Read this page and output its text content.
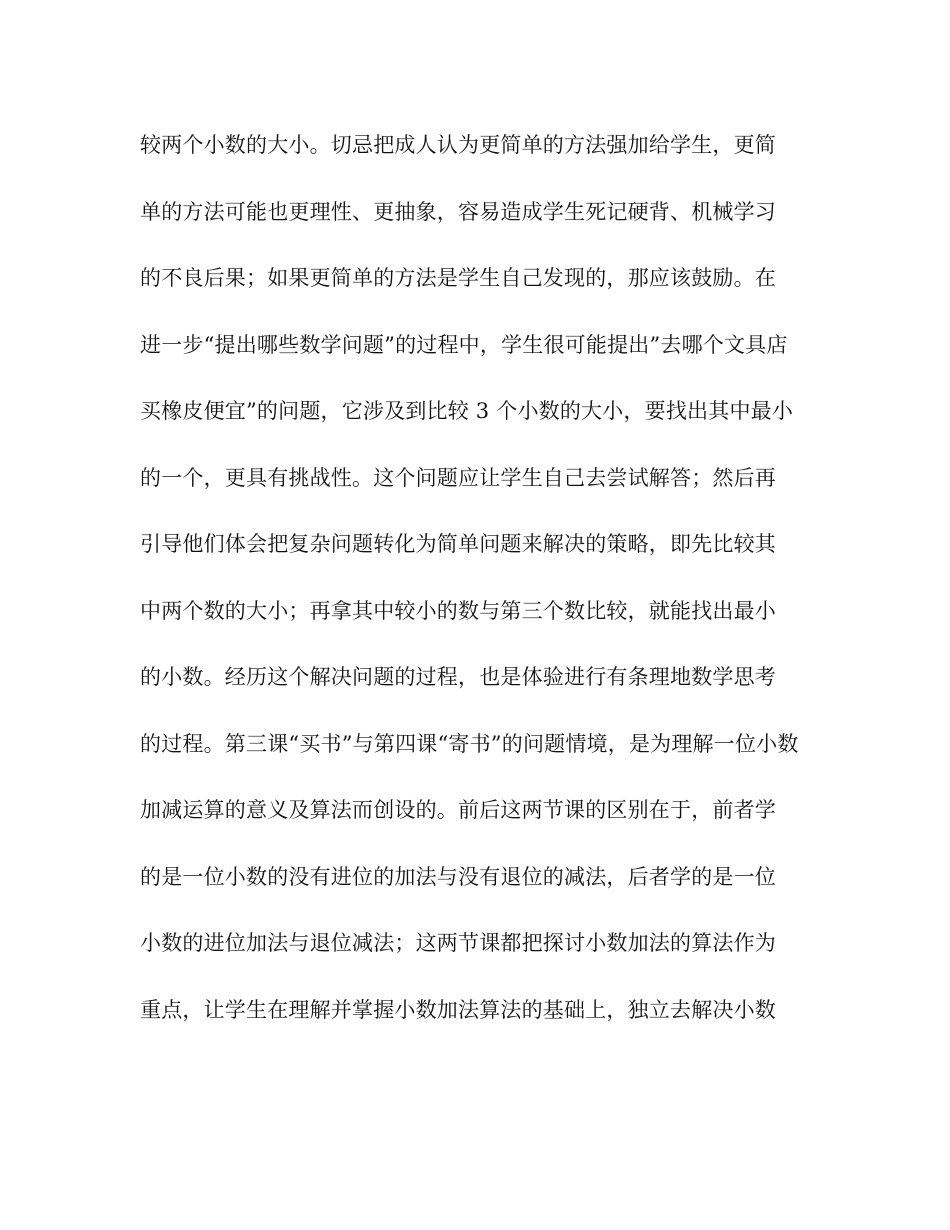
较两个小数的大小。切忌把成人认为更简单的方法强加给学生，更简
单的方法可能也更理性、更抽象，容易造成学生死记硬背、机械学习
的不良后果；如果更简单的方法是学生自己发现的，那应该鼓励。在
进一步“提出哪些数学问题”的过程中，学生很可能提出”去哪个文具店
买橡皮便宜”的问题，它涉及到比较 3 个小数的大小，要找出其中最小
的一个，更具有挑战性。这个问题应让学生自己去尝试解答；然后再
引导他们体会把复杂问题转化为简单问题来解决的策略，即先比较其
中两个数的大小；再拿其中较小的数与第三个数比较，就能找出最小
的小数。经历这个解决问题的过程，也是体验进行有条理地数学思考
的过程。第三课“买书”与第四课“寄书”的问题情境，是为理解一位小数
加减运算的意义及算法而创设的。前后这两节课的区别在于，前者学
的是一位小数的没有进位的加法与没有退位的减法，后者学的是一位
小数的进位加法与退位减法；这两节课都把探讨小数加法的算法作为
重点，让学生在理解并掌握小数加法算法的基础上，独立去解决小数
